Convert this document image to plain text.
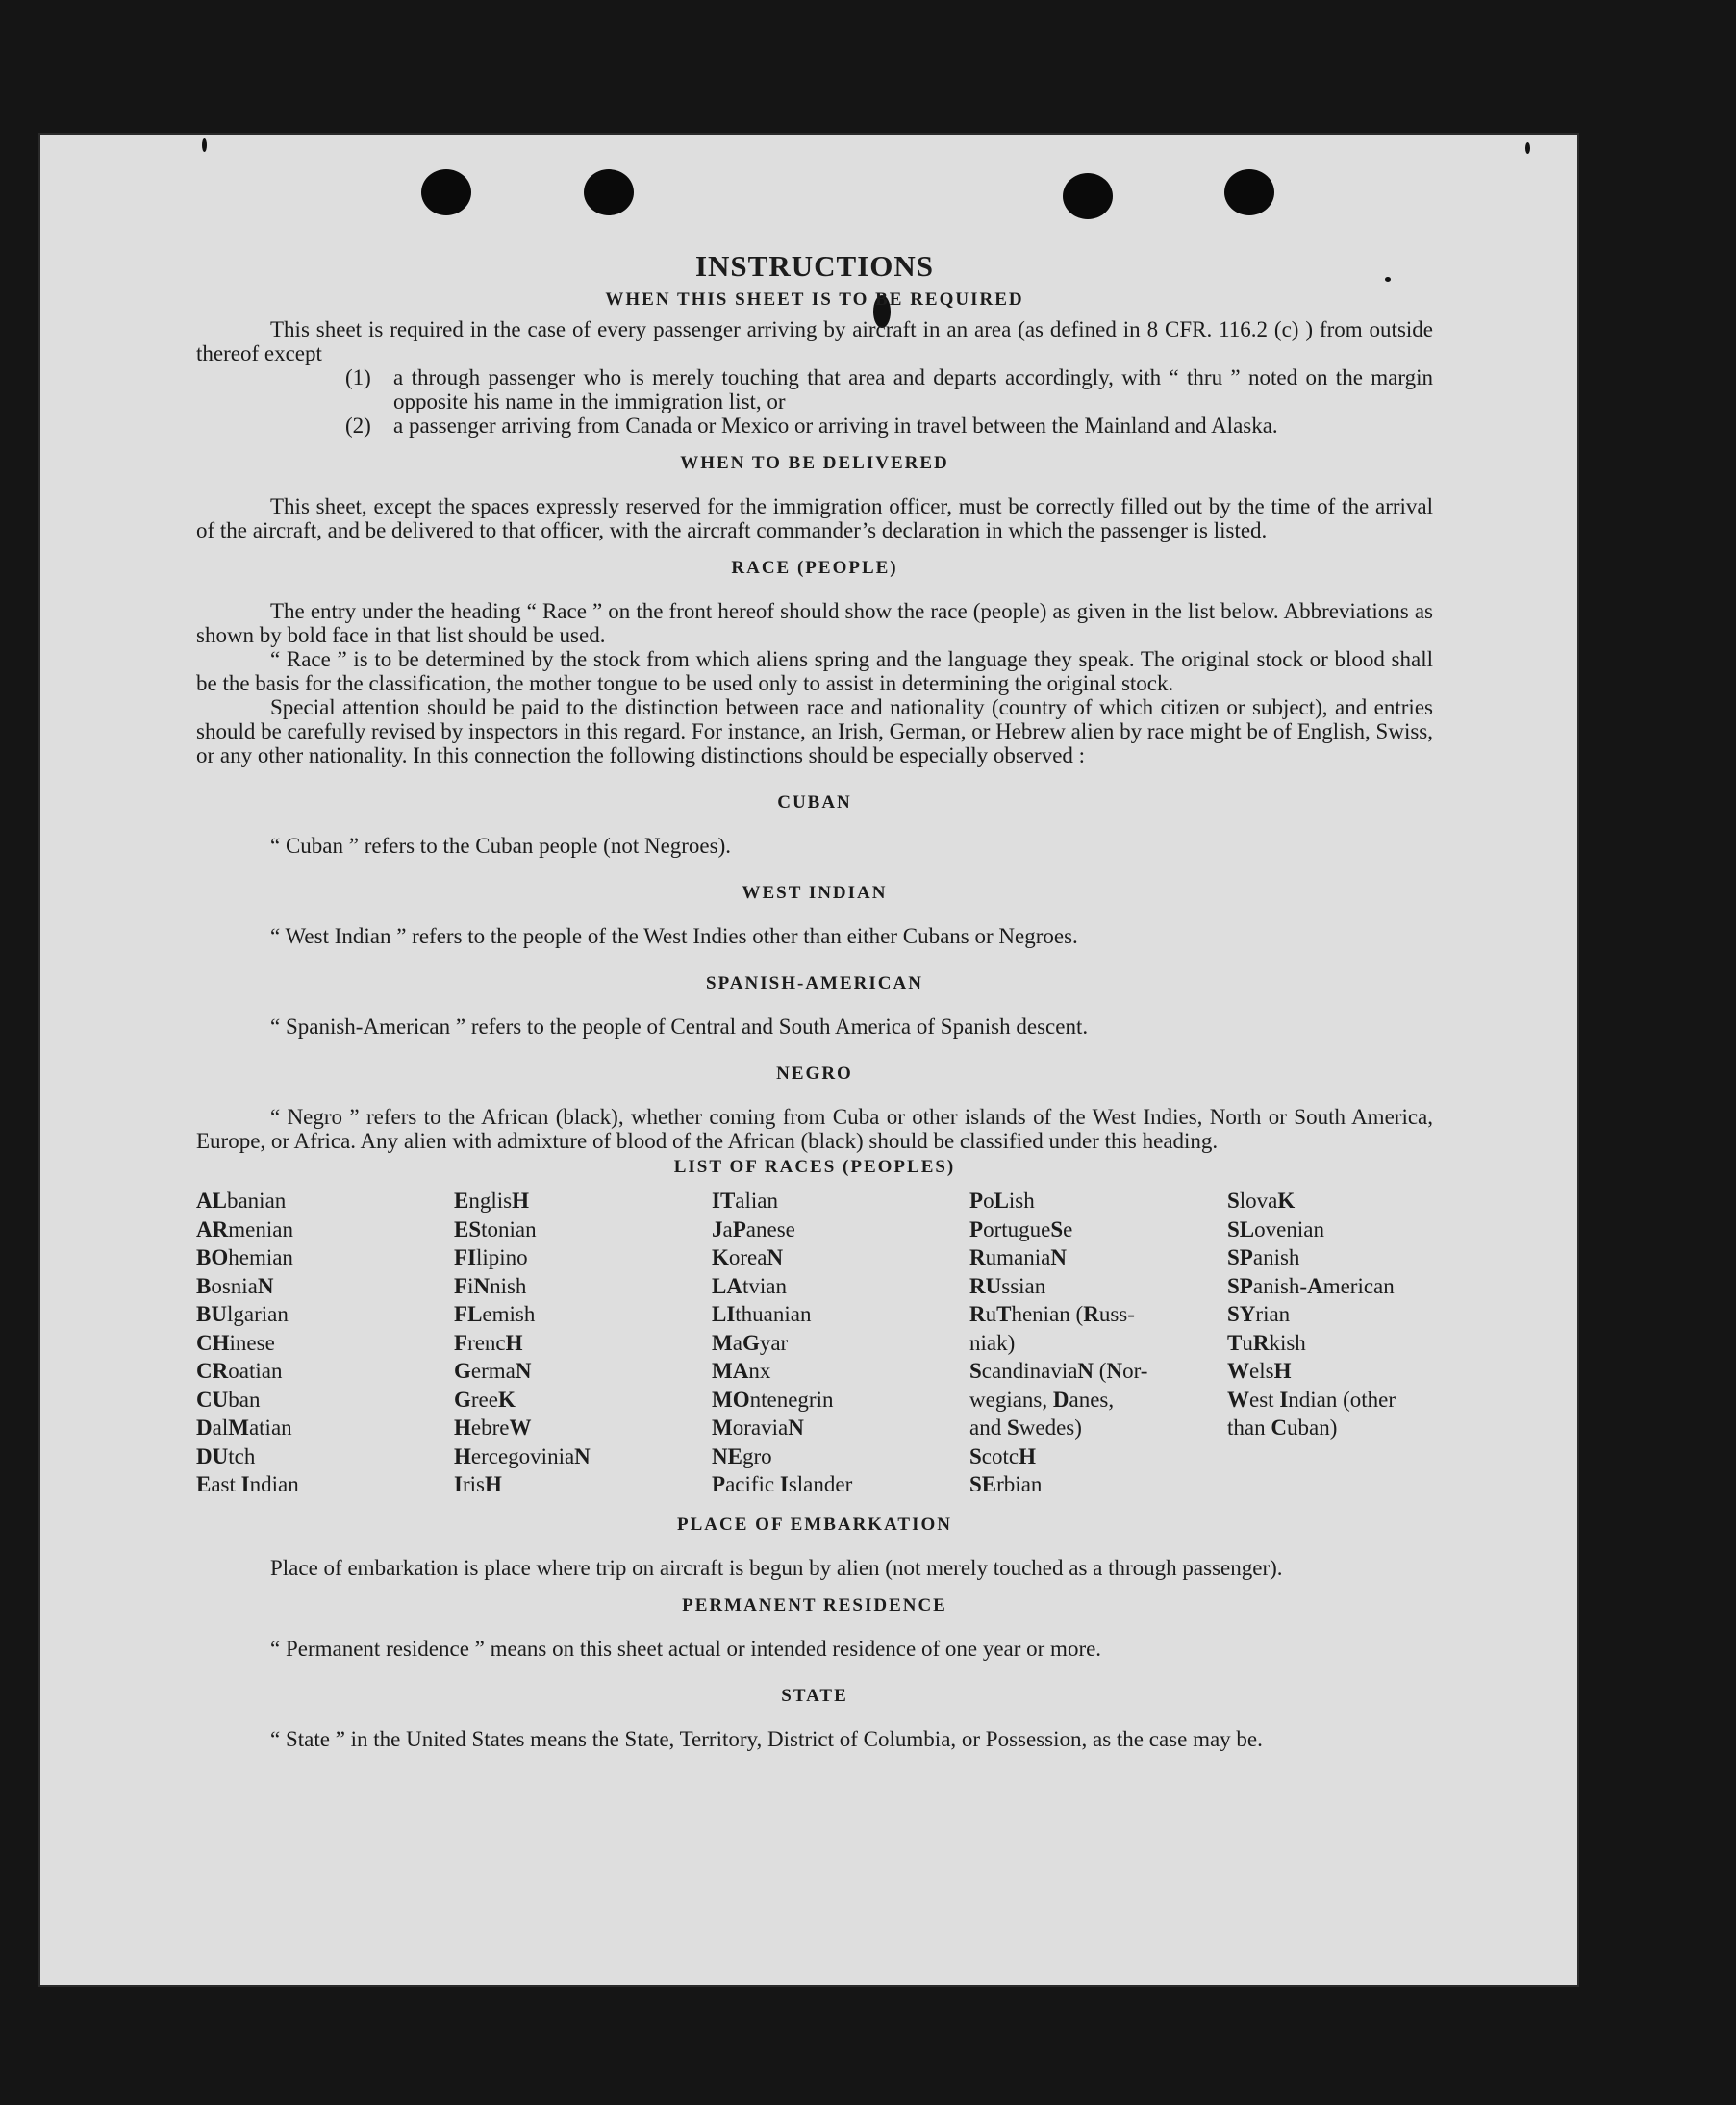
INSTRUCTIONS
WHEN THIS SHEET IS TO BE REQUIRED

This sheet is required in the case of every passenger arriving by aircraft in an area (as defined in 8 CFR. 116.2 (c) ) from outside thereof except

(1)	a through passenger who is merely touching that area and departs accordingly, with “ thru ” noted on the margin opposite his name in the immigration list, or
(2)	a passenger arriving from Canada or Mexico or arriving in travel between the Mainland and Alaska.
WHEN TO BE DELIVERED

This sheet, except the spaces expressly reserved for the immigration officer, must be correctly filled out by the time of the arrival of the aircraft, and be delivered to that officer, with the aircraft commander’s declaration in which the passenger is listed.

RACE (PEOPLE)

The entry under the heading “ Race ” on the front hereof should show the race (people) as given in the list below. Abbreviations as shown by bold face in that list should be used.

“ Race ” is to be determined by the stock from which aliens spring and the language they speak. The original stock or blood shall be the basis for the classification, the mother tongue to be used only to assist in determining the original stock.

Special attention should be paid to the distinction between race and nationality (country of which citizen or subject), and entries should be carefully revised by inspectors in this regard. For instance, an Irish, German, or Hebrew alien by race might be of English, Swiss, or any other nationality. In this connection the following distinctions should be especially observed :

CUBAN

“ Cuban ” refers to the Cuban people (not Negroes).

WEST INDIAN

“ West Indian ” refers to the people of the West Indies other than either Cubans or Negroes.

SPANISH-AMERICAN

“ Spanish-American ” refers to the people of Central and South America of Spanish descent.

NEGRO

“ Negro ” refers to the African (black), whether coming from Cuba or other islands of the West Indies, North or South America, Europe, or Africa. Any alien with admixture of blood of the African (black) should be classified under this heading.

LIST OF RACES (PEOPLES)
ALbanian
ARmenian
BOhemian
BosniaN
BUlgarian
CHinese
CRoatian
CUban
DalMatian
DUtch
East Indian
EnglisH
EStonian
FIlipino
FiNnish
FLemish
FrencH
GermaN
GreeK
HebreW
HercegoviniaN
IrisH
ITalian
JaPanese
KoreaN
LAtvian
LIthuanian
MaGyar
MAnx
MOntenegrin
MoraviaN
NEgro
Pacific Islander
PoLish
PortugueSe
RumaniaN
RUssian
RuThenian (Russ-
niak)
ScandinaviaN (Nor-
wegians, Danes,
and Swedes)
ScotcH
SErbian
SlovaK
SLovenian
SPanish
SPanish-American
SYrian
TuRkish
WelsH
West Indian (other
than Cuban)
PLACE OF EMBARKATION

Place of embarkation is place where trip on aircraft is begun by alien (not merely touched as a through passenger).

PERMANENT RESIDENCE

“ Permanent residence ” means on this sheet actual or intended residence of one year or more.

STATE

“ State ” in the United States means the State, Territory, District of Columbia, or Possession, as the case may be.
